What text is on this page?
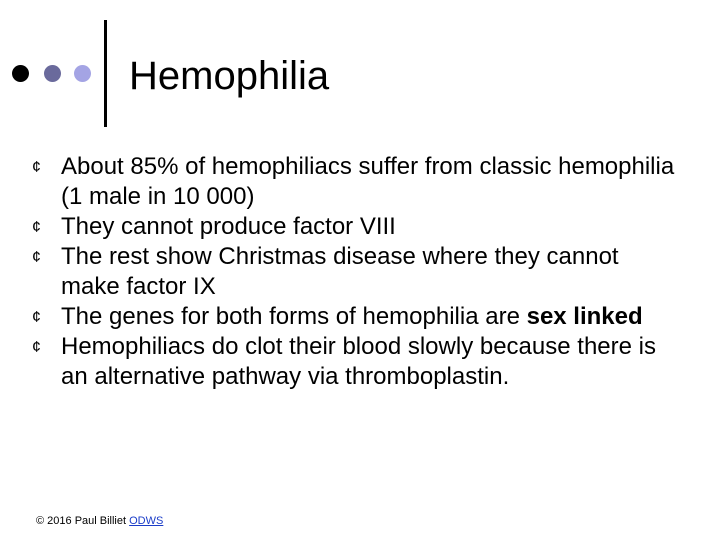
Hemophilia
¢ About 85% of hemophiliacs suffer from classic hemophilia (1 male in 10 000)
¢ They cannot produce factor VIII
¢ The rest show Christmas disease where they cannot make factor IX
¢ The genes for both forms of hemophilia are sex linked
¢ Hemophiliacs do clot their blood slowly because there is an alternative pathway via thromboplastin.
© 2016 Paul Billiet ODWS
